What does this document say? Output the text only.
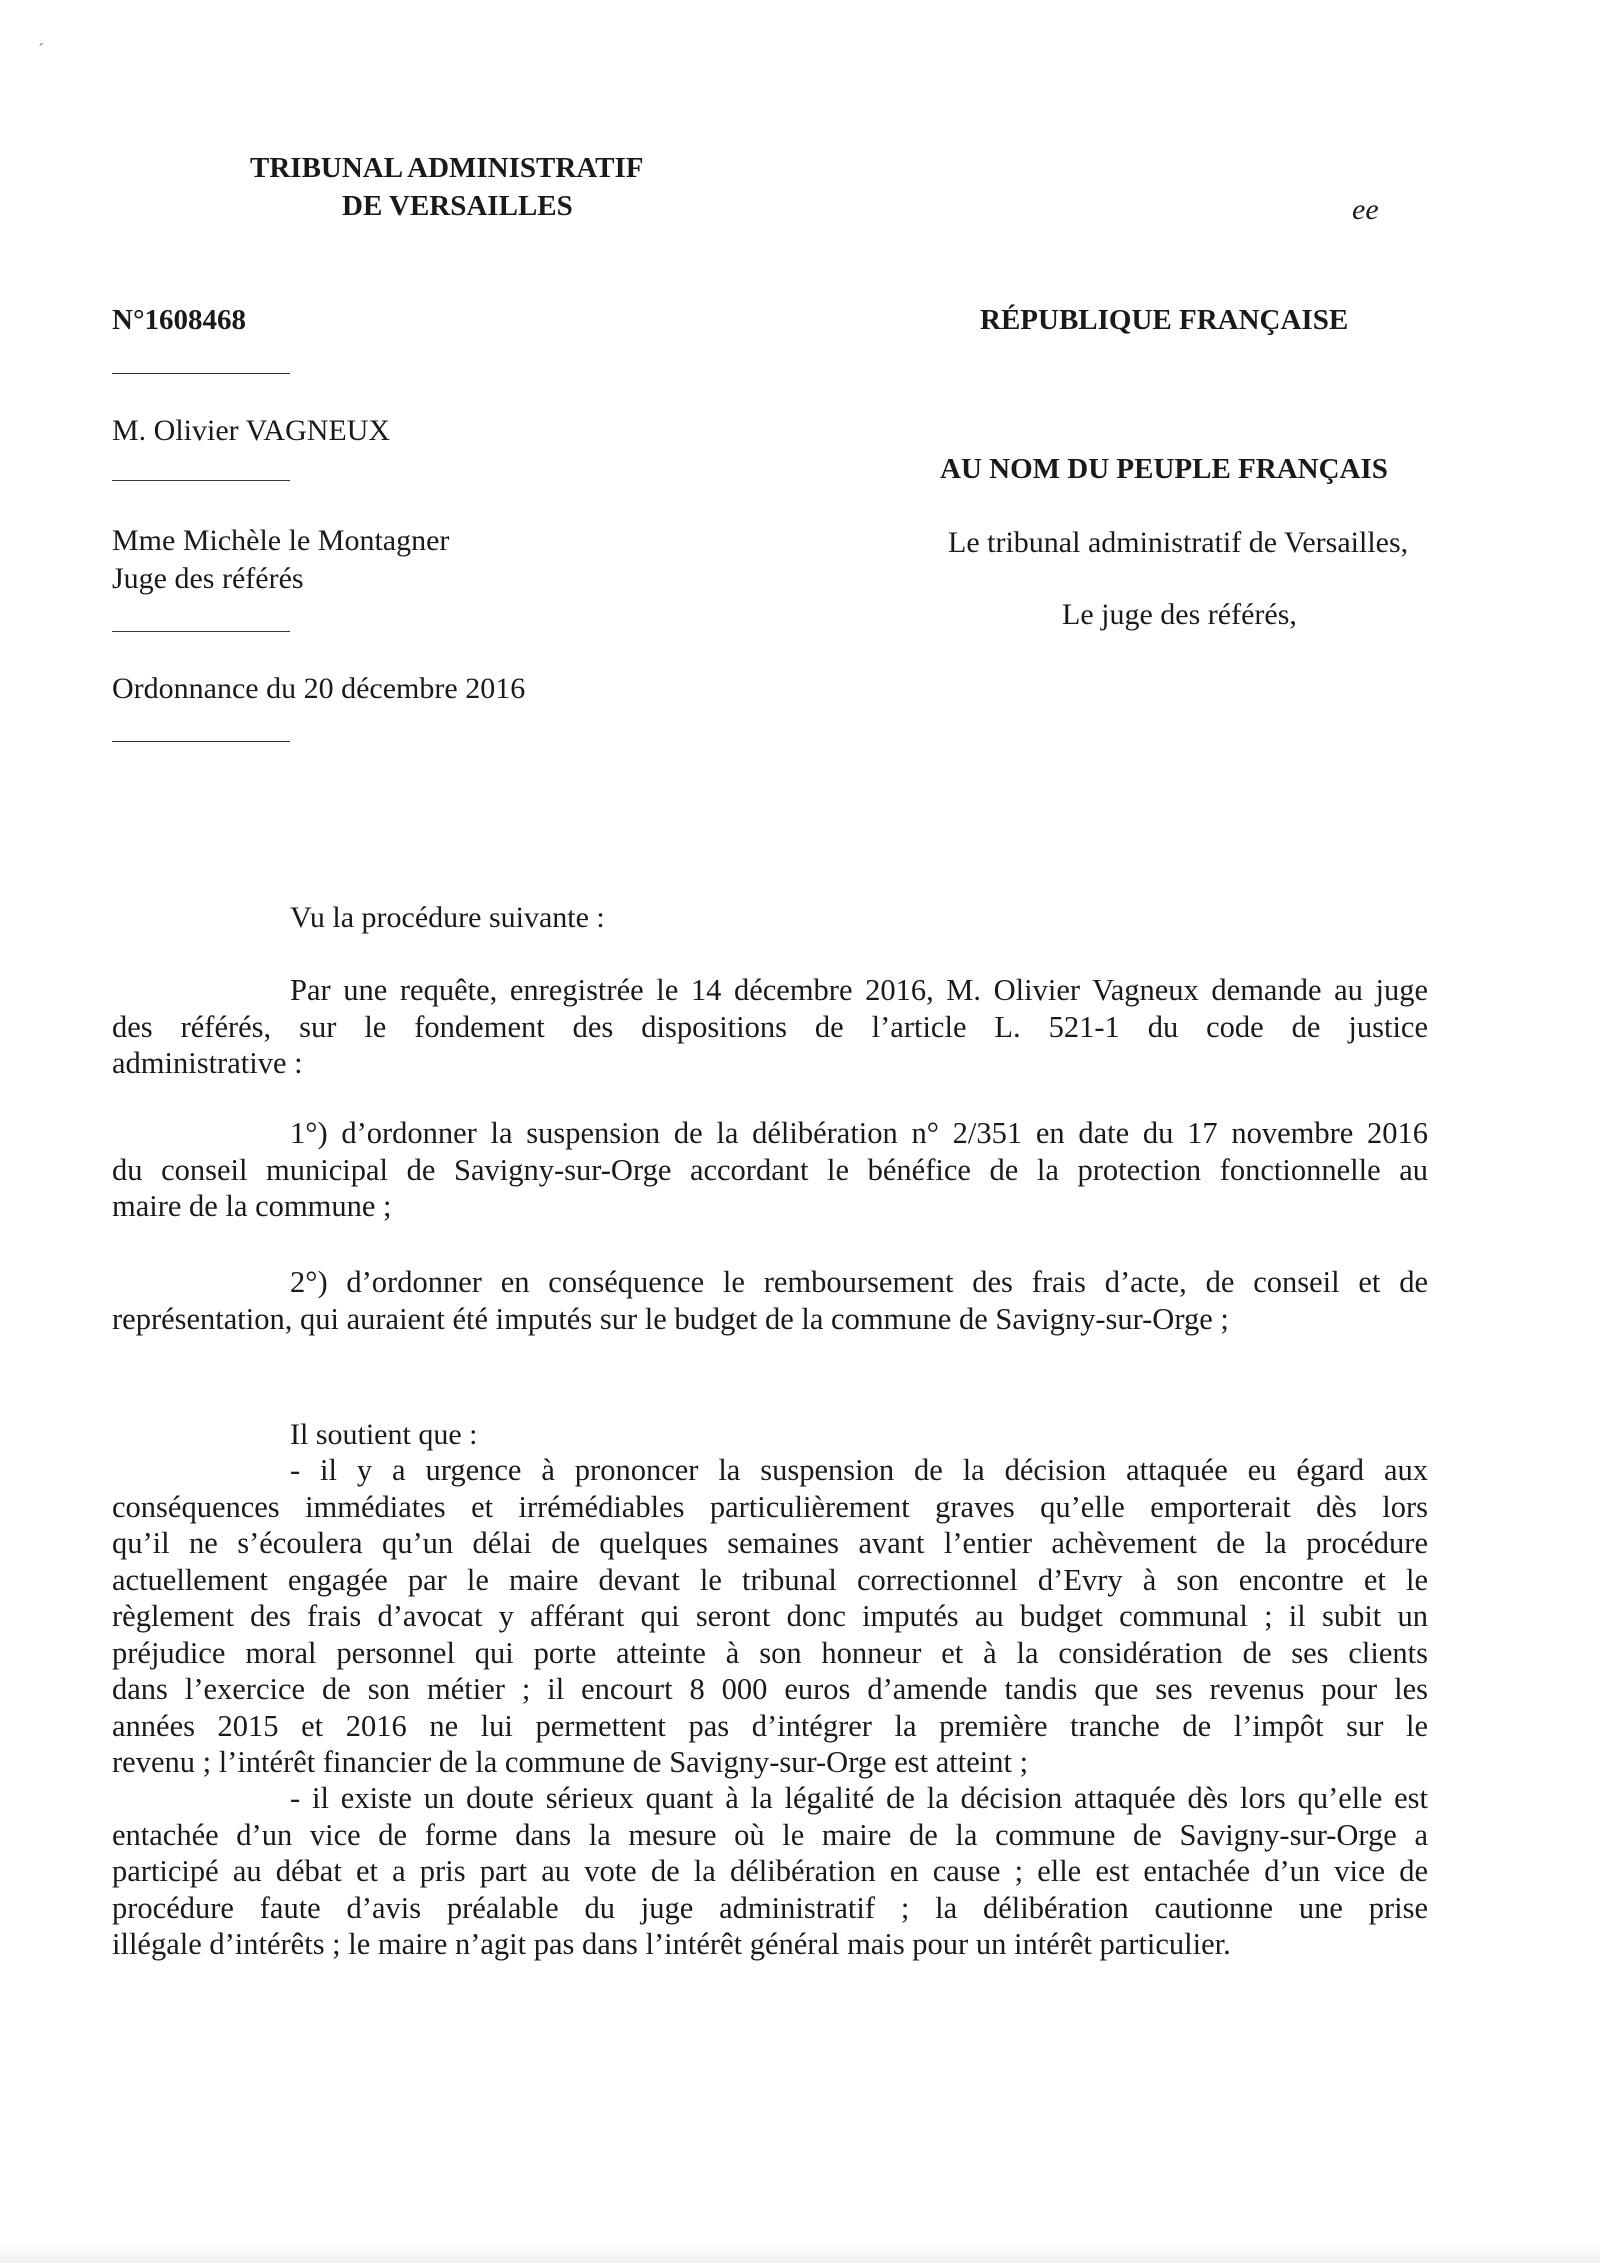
´
TRIBUNAL ADMINISTRATIF
DE VERSAILLES	ee
N°1608468	RÉPUBLIQUE FRANÇAISE
M. Olivier VAGNEUX
AU NOM DU PEUPLE FRANÇAIS
Mme Michèle le Montagner
Juge des référés
Le tribunal administratif de Versailles,
Le juge des référés,
Ordonnance du 20 décembre 2016
Vu la procédure suivante :
Par une requête, enregistrée le 14 décembre 2016, M. Olivier Vagneux demande au juge
des référés, sur le fondement des dispositions de l’article L. 521-1 du code de justice
administrative :
1°) d’ordonner la suspension de la délibération n° 2/351 en date du 17 novembre 2016
du conseil municipal de Savigny-sur-Orge accordant le bénéfice de la protection fonctionnelle au
maire de la commune ;
2°) d’ordonner en conséquence le remboursement des frais d’acte, de conseil et de
représentation, qui auraient été imputés sur le budget de la commune de Savigny-sur-Orge ;
Il soutient que :
- il y a urgence à prononcer la suspension de la décision attaquée eu égard aux
conséquences immédiates et irrémédiables particulièrement graves qu’elle emporterait dès lors
qu’il ne s’écoulera qu’un délai de quelques semaines avant l’entier achèvement de la procédure
actuellement engagée par le maire devant le tribunal correctionnel d’Evry à son encontre et le
règlement des frais d’avocat y afférant qui seront donc imputés au budget communal ; il subit un
préjudice moral personnel qui porte atteinte à son honneur et à la considération de ses clients
dans l’exercice de son métier ; il encourt 8 000 euros d’amende tandis que ses revenus pour les
années 2015 et 2016 ne lui permettent pas d’intégrer la première tranche de l’impôt sur le
revenu ; l’intérêt financier de la commune de Savigny-sur-Orge est atteint ;
- il existe un doute sérieux quant à la légalité de la décision attaquée dès lors qu’elle est
entachée d’un vice de forme dans la mesure où le maire de la commune de Savigny-sur-Orge a
participé au débat et a pris part au vote de la délibération en cause ; elle est entachée d’un vice de
procédure faute d’avis préalable du juge administratif ; la délibération cautionne une prise
illégale d’intérêts ; le maire n’agit pas dans l’intérêt général mais pour un intérêt particulier.
